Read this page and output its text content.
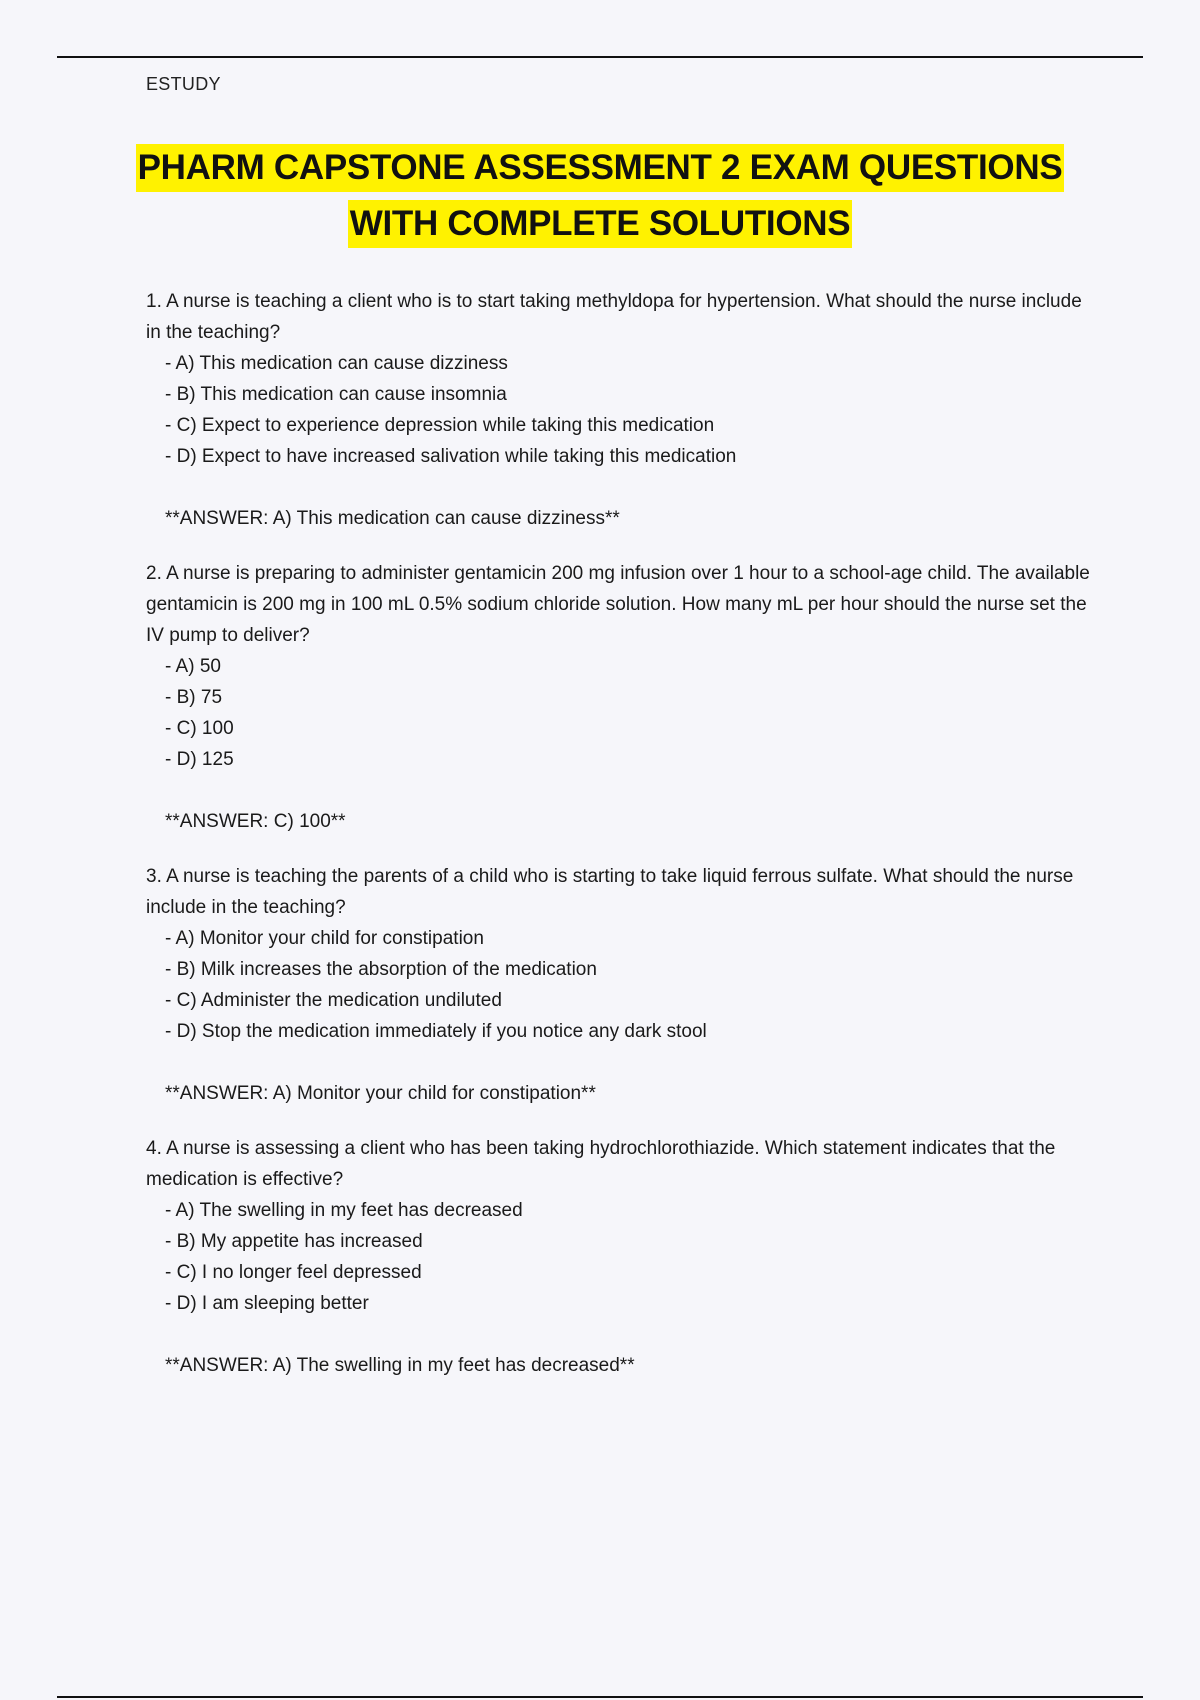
ESTUDY
PHARM CAPSTONE ASSESSMENT 2 EXAM QUESTIONS
WITH COMPLETE SOLUTIONS
1. A nurse is teaching a client who is to start taking methyldopa for hypertension. What should the nurse include in the teaching?
- A) This medication can cause dizziness
- B) This medication can cause insomnia
- C) Expect to experience depression while taking this medication
- D) Expect to have increased salivation while taking this medication
**ANSWER: A) This medication can cause dizziness**
2. A nurse is preparing to administer gentamicin 200 mg infusion over 1 hour to a school-age child. The available gentamicin is 200 mg in 100 mL 0.5% sodium chloride solution. How many mL per hour should the nurse set the IV pump to deliver?
- A) 50
- B) 75
- C) 100
- D) 125
**ANSWER: C) 100**
3. A nurse is teaching the parents of a child who is starting to take liquid ferrous sulfate. What should the nurse include in the teaching?
- A) Monitor your child for constipation
- B) Milk increases the absorption of the medication
- C) Administer the medication undiluted
- D) Stop the medication immediately if you notice any dark stool
**ANSWER: A) Monitor your child for constipation**
4. A nurse is assessing a client who has been taking hydrochlorothiazide. Which statement indicates that the medication is effective?
- A) The swelling in my feet has decreased
- B) My appetite has increased
- C) I no longer feel depressed
- D) I am sleeping better
**ANSWER: A) The swelling in my feet has decreased**
